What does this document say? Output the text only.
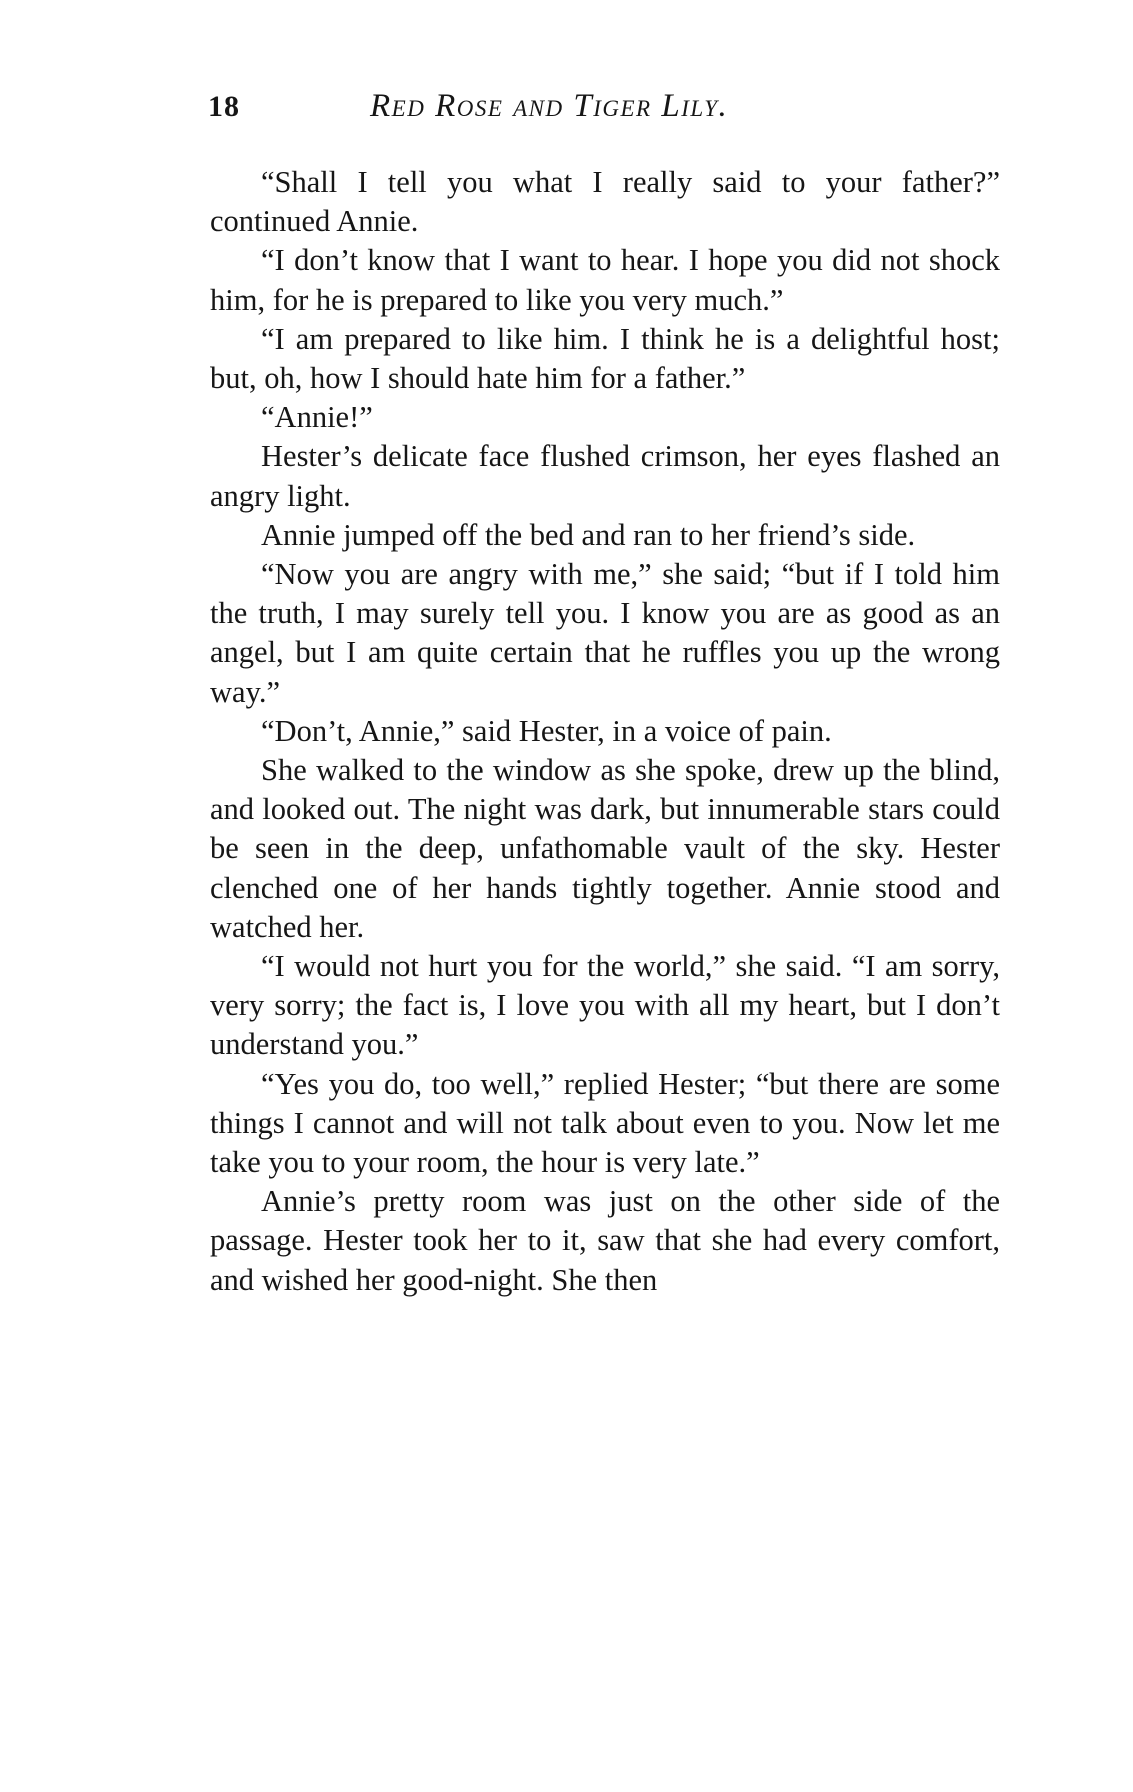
18	Red Rose and Tiger Lily.

“Shall I tell you what I really said to your father?” continued Annie.

“I don’t know that I want to hear. I hope you did not shock him, for he is prepared to like you very much.”

“I am prepared to like him. I think he is a delightful host; but, oh, how I should hate him for a father.”

“Annie!”

Hester’s delicate face flushed crimson, her eyes flashed an angry light.

Annie jumped off the bed and ran to her friend’s side.

“Now you are angry with me,” she said; “but if I told him the truth, I may surely tell you. I know you are as good as an angel, but I am quite certain that he ruffles you up the wrong way.”

“Don’t, Annie,” said Hester, in a voice of pain.

She walked to the window as she spoke, drew up the blind, and looked out. The night was dark, but innumerable stars could be seen in the deep, unfathomable vault of the sky. Hester clenched one of her hands tightly together. Annie stood and watched her.

“I would not hurt you for the world,” she said. “I am sorry, very sorry; the fact is, I love you with all my heart, but I don’t understand you.”

“Yes you do, too well,” replied Hester; “but there are some things I cannot and will not talk about even to you. Now let me take you to your room, the hour is very late.”

Annie’s pretty room was just on the other side of the passage. Hester took her to it, saw that she had every comfort, and wished her good-night. She then
